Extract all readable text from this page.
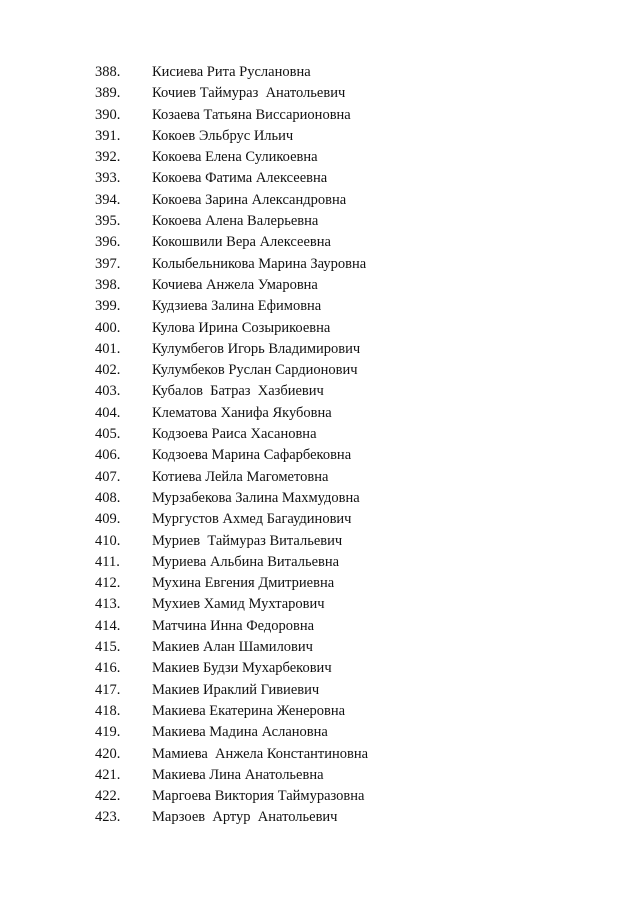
388. Кисиева Рита Руслановна
389. Кочиев Таймураз  Анатольевич
390. Козаева Татьяна Виссарионовна
391. Кокоев Эльбрус Ильич
392. Кокоева Елена Суликоевна
393. Кокоева Фатима Алексеевна
394. Кокоева Зарина Александровна
395. Кокоева Алена Валерьевна
396. Кокошвили Вера Алексеевна
397. Колыбельникова Марина Зауровна
398. Кочиева Анжела Умаровна
399. Кудзиева Залина Ефимовна
400. Кулова Ирина Созырикоевна
401. Кулумбегов Игорь Владимирович
402. Кулумбеков Руслан Сардионович
403. Кубалов  Батраз  Хазбиевич
404. Клематова Ханифа Якубовна
405. Кодзоева Раиса Хасановна
406. Кодзоева Марина Сафарбековна
407. Котиева Лейла Магометовна
408. Мурзабекова Залина Махмудовна
409. Мургустов Ахмед Багаудинович
410. Муриев  Таймураз Витальевич
411. Муриева Альбина Витальевна
412. Мухина Евгения Дмитриевна
413. Мухиев Хамид Мухтарович
414. Матчина Инна Федоровна
415. Макиев Алан Шамилович
416. Макиев Будзи Мухарбекович
417. Макиев Ираклий Гивиевич
418. Макиева Екатерина Женеровна
419. Макиева Мадина Аслановна
420. Мамиева  Анжела Константиновна
421. Макиева Лина Анатольевна
422. Маргоева Виктория Таймуразовна
423. Марзоев  Артур  Анатольевич
